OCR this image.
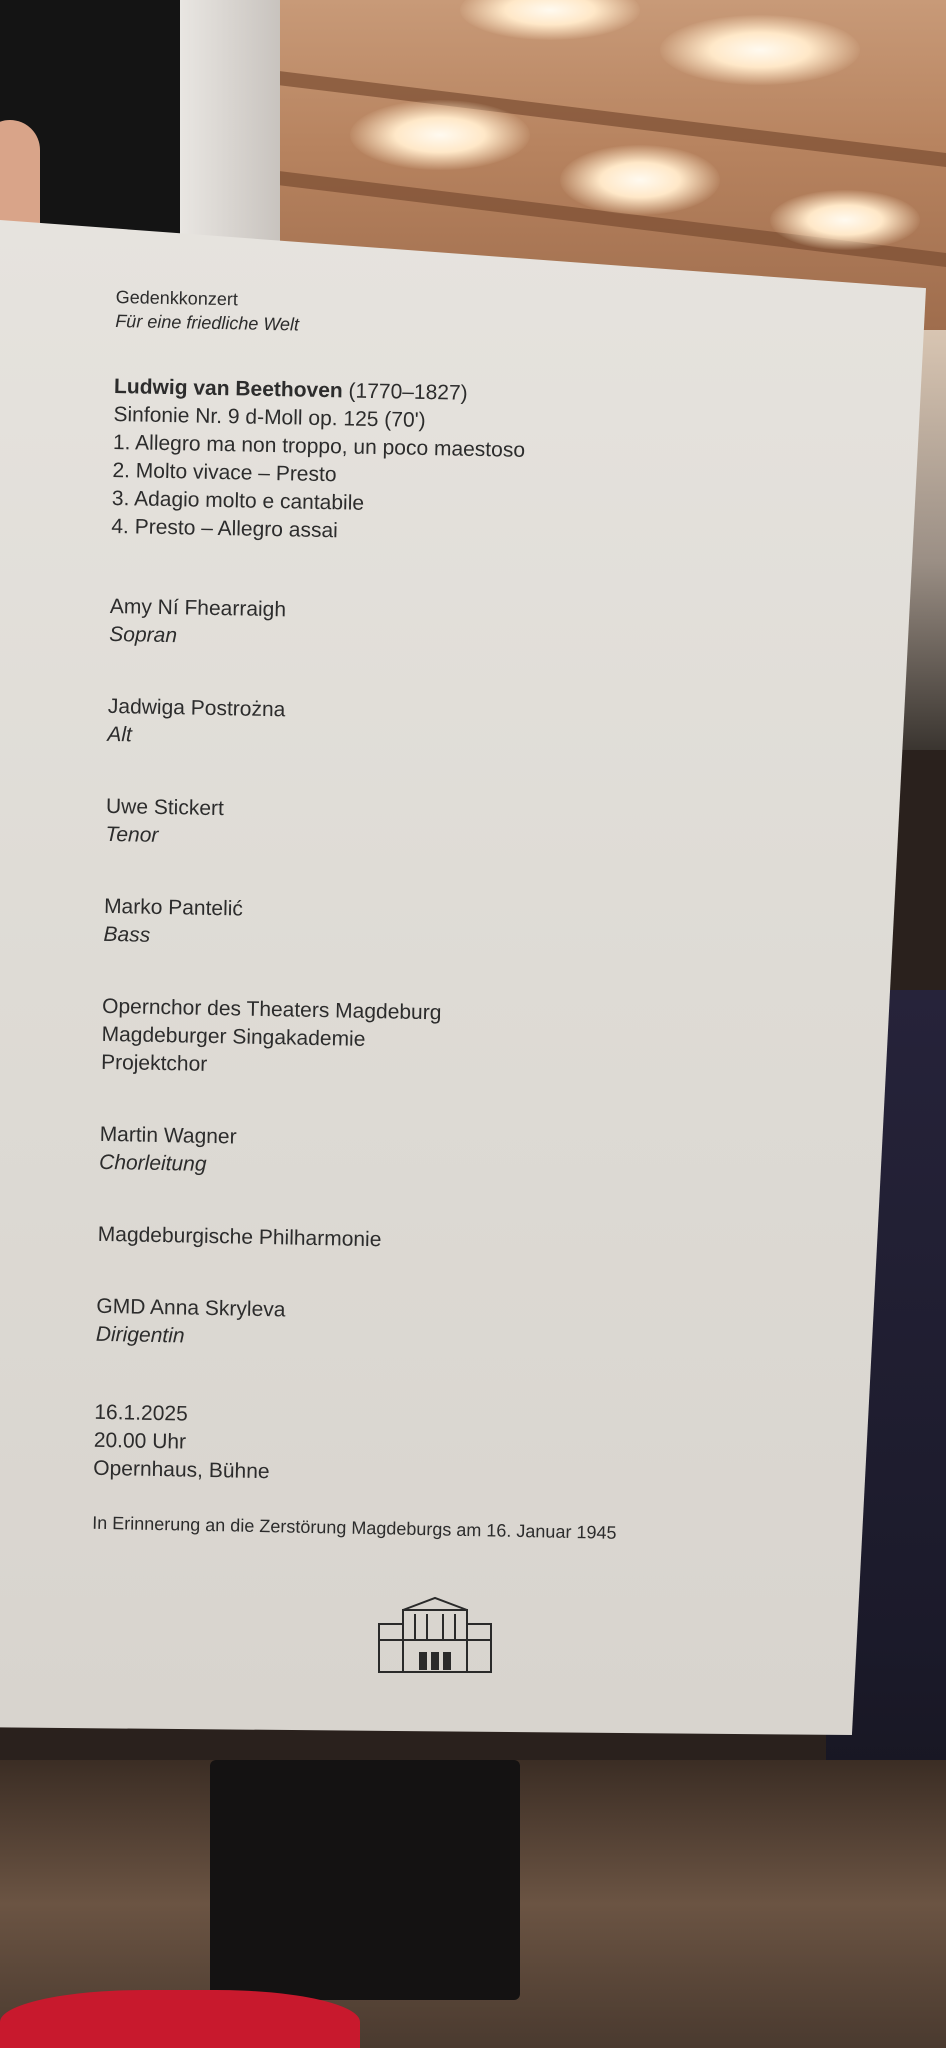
Gedenkkonzert
Für eine friedliche Welt
Ludwig van Beethoven (1770–1827)
Sinfonie Nr. 9 d-Moll op. 125 (70')
1. Allegro ma non troppo, un poco maestoso
2. Molto vivace – Presto
3. Adagio molto e cantabile
4. Presto – Allegro assai
Amy Ní Fhearraigh
Sopran
Jadwiga Postrożna
Alt
Uwe Stickert
Tenor
Marko Pantelić
Bass
Opernchor des Theaters Magdeburg
Magdeburger Singakademie
Projektchor
Martin Wagner
Chorleitung
Magdeburgische Philharmonie
GMD Anna Skryleva
Dirigentin
16.1.2025
20.00 Uhr
Opernhaus, Bühne
In Erinnerung an die Zerstörung Magdeburgs am 16. Januar 1945
